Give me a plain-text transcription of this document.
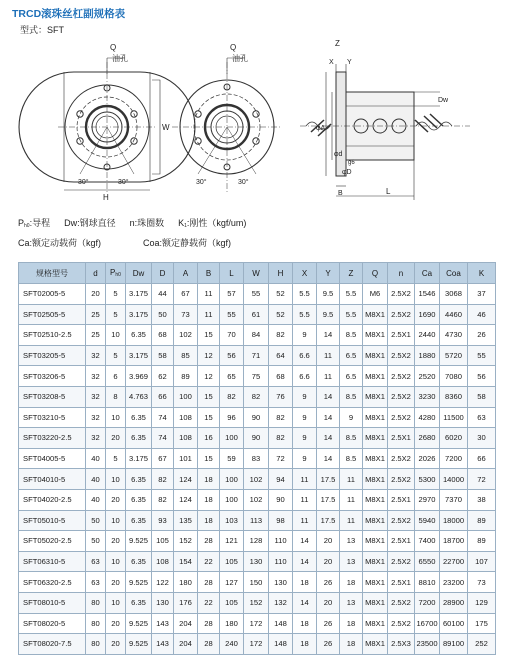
TRCD滚珠丝杠副规格表
型式：SFT
Q
油孔
W
H
30°	30°
Q
油孔
30°	30°
Z
X Y
Dw
φA
φd
φD
g6
B	L
$P_{h0}$:导程 Dw:钢球直径 n:珠圈数 $K_1$:刚性（kgf/um)
Ca:额定动载荷（kgf)	Coa:额定静载荷（kgf)
规格型号	d	$P_{h0}$	Dw	D	A	B	L	W	H	X	Y	Z	Q	n	Ca	Coa	K
SFT02005-5	20	5	3.175	44	67	11	57	55	52	5.5	9.5	5.5	M6	2.5X2	1546	3068	37
SFT02505-5	25	5	3.175	50	73	11	55	61	52	5.5	9.5	5.5	M8X1	2.5X2	1690	4460	46
SFT02510-2.5	25	10	6.35	68	102	15	70	84	82	9	14	8.5	M8X1	2.5X1	2440	4730	26
SFT03205-5	32	5	3.175	58	85	12	56	71	64	6.6	11	6.5	M8X1	2.5X2	1880	5720	55
SFT03206-5	32	6	3.969	62	89	12	65	75	68	6.6	11	6.5	M8X1	2.5X2	2520	7080	56
SFT03208-5	32	8	4.763	66	100	15	82	82	76	9	14	8.5	M8X1	2.5X2	3230	8360	58
SFT03210-5	32	10	6.35	74	108	15	96	90	82	9	14	9	M8X1	2.5X2	4280	11500	63
SFT03220-2.5	32	20	6.35	74	108	16	100	90	82	9	14	8.5	M8X1	2.5X1	2680	6020	30
SFT04005-5	40	5	3.175	67	101	15	59	83	72	9	14	8.5	M8X1	2.5X2	2026	7200	66
SFT04010-5	40	10	6.35	82	124	18	100	102	94	11	17.5	11	M8X1	2.5X2	5300	14000	72
SFT04020-2.5	40	20	6.35	82	124	18	100	102	90	11	17.5	11	M8X1	2.5X1	2970	7370	38
SFT05010-5	50	10	6.35	93	135	18	103	113	98	11	17.5	11	M8X1	2.5X2	5940	18000	89
SFT05020-2.5	50	20	9.525	105	152	28	121	128	110	14	20	13	M8X1	2.5X1	7400	18700	89
SFT06310-5	63	10	6.35	108	154	22	105	130	110	14	20	13	M8X1	2.5X2	6550	22700	107
SFT06320-2.5	63	20	9.525	122	180	28	127	150	130	18	26	18	M8X1	2.5X1	8810	23200	73
SFT08010-5	80	10	6.35	130	176	22	105	152	132	14	20	13	M8X1	2.5X2	7200	28900	129
SFT08020-5	80	20	9.525	143	204	28	180	172	148	18	26	18	M8X1	2.5X2	16700	60100	175
SFT08020-7.5	80	20	9.525	143	204	28	240	172	148	18	26	18	M8X1	2.5X3	23500	89100	252
